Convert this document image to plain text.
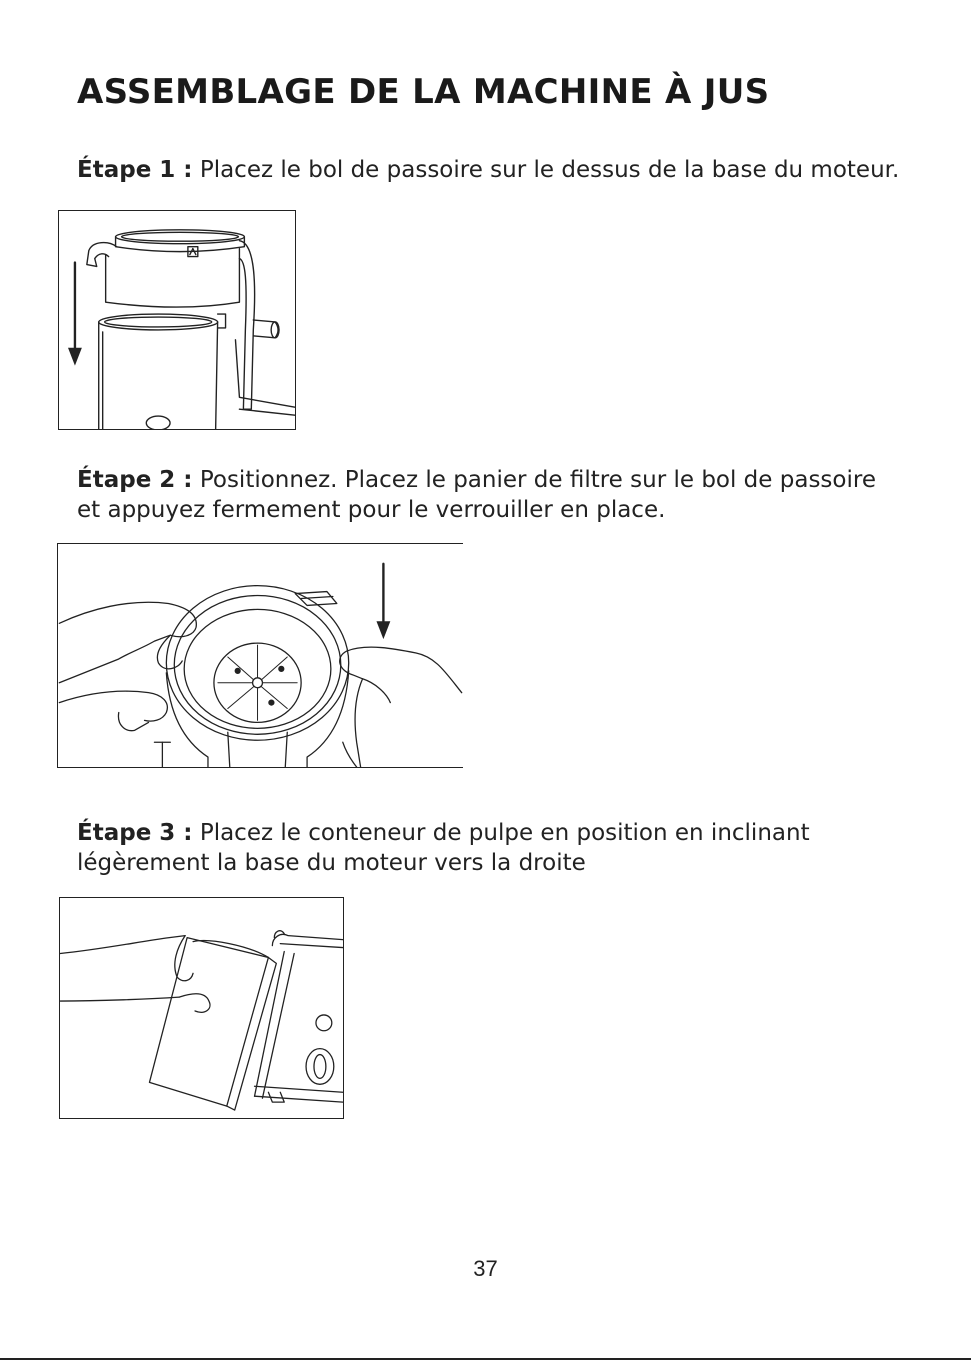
ASSEMBLAGE DE LA MACHINE À JUS

Étape 1 : Placez le bol de passoire sur le dessus de la base du moteur.

Étape 2 : Positionnez. Placez le panier de filtre sur le bol de passoire
et appuyez fermement pour le verrouiller en place.

Étape 3 : Placez le conteneur de pulpe en position en inclinant
légèrement la base du moteur vers la droite

37
